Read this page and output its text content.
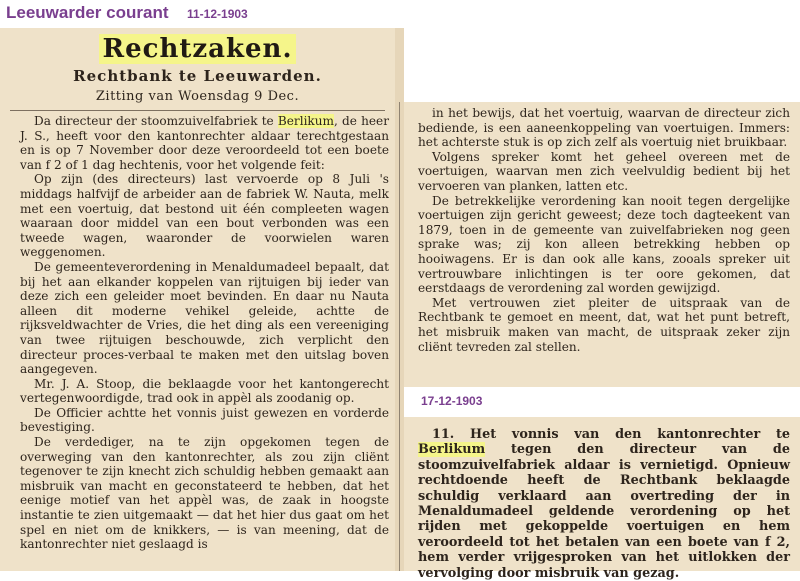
Leeuwarder courant 11-12-1903
Rechtzaken.
Rechtbank te Leeuwarden.
Zitting van Woensdag 9 Dec.

Da directeur der stoomzuivelfabriek te Berlikum, de heer J. S., heeft voor den kantonrechter aldaar terechtgestaan en is op 7 November door deze veroordeeld tot een boete van f 2 of 1 dag hechtenis, voor het volgende feit:

Op zijn (des directeurs) last vervoerde op 8 Juli 's middags halfvijf de arbeider aan de fabriek W. Nauta, melk met een voertuig, dat bestond uit één compleeten wagen waaraan door middel van een bout verbonden was een tweede wagen, waaronder de voorwielen waren weggenomen.

De gemeenteverordening in Menaldumadeel bepaalt, dat bij het aan elkander koppelen van rijtuigen bij ieder van deze zich een geleider moet bevinden. En daar nu Nauta alleen dit moderne vehikel geleide, achtte de rijksveldwachter de Vries, die het ding als een vereeniging van twee rijtuigen beschouwde, zich verplicht den directeur proces-verbaal te maken met den uitslag boven aangegeven.

Mr. J. A. Stoop, die beklaagde voor het kantongerecht vertegenwoordigde, trad ook in appèl als zoodanig op.

De Officier achtte het vonnis juist gewezen en vorderde bevestiging.

De verdediger, na te zijn opgekomen tegen de overweging van den kantonrechter, als zou zijn cliënt tegenover te zijn knecht zich schuldig hebben gemaakt aan misbruik van macht en geconstateerd te hebben, dat het eenige motief van het appèl was, de zaak in hoogste instantie te zien uitgemaakt — dat het hier dus gaat om het spel en niet om de knikkers, — is van meening, dat de kantonrechter niet geslaagd is

in het bewijs, dat het voertuig, waarvan de directeur zich bediende, is een aaneenkoppeling van voertuigen. Immers: het achterste stuk is op zich zelf als voertuig niet bruikbaar.

Volgens spreker komt het geheel overeen met de voertuigen, waarvan men zich veelvuldig bedient bij het vervoeren van planken, latten etc.

De betrekkelijke verordening kan nooit tegen dergelijke voertuigen zijn gericht geweest; deze toch dagteekent van 1879, toen in de gemeente van zuivelfabrieken nog geen sprake was; zij kon alleen betrekking hebben op hooiwagens. Er is dan ook alle kans, zooals spreker uit vertrouwbare inlichtingen is ter oore gekomen, dat eerstdaags de verordening zal worden gewijzigd.

Met vertrouwen ziet pleiter de uitspraak van de Rechtbank te gemoet en meent, dat, wat het punt betreft, het misbruik maken van macht, de uitspraak zeker zijn cliënt tevreden zal stellen.

17-12-1903

11. Het vonnis van den kantonrechter te Berlikum tegen den directeur van de stoomzuivelfabriek aldaar is vernietigd. Opnieuw rechtdoende heeft de Rechtbank beklaagde schuldig verklaard aan overtreding der in Menaldumadeel geldende verordening op het rijden met gekoppelde voertuigen en hem veroordeeld tot het betalen van een boete van f 2, hem verder vrijgesproken van het uitlokken der vervolging door misbruik van gezag.
